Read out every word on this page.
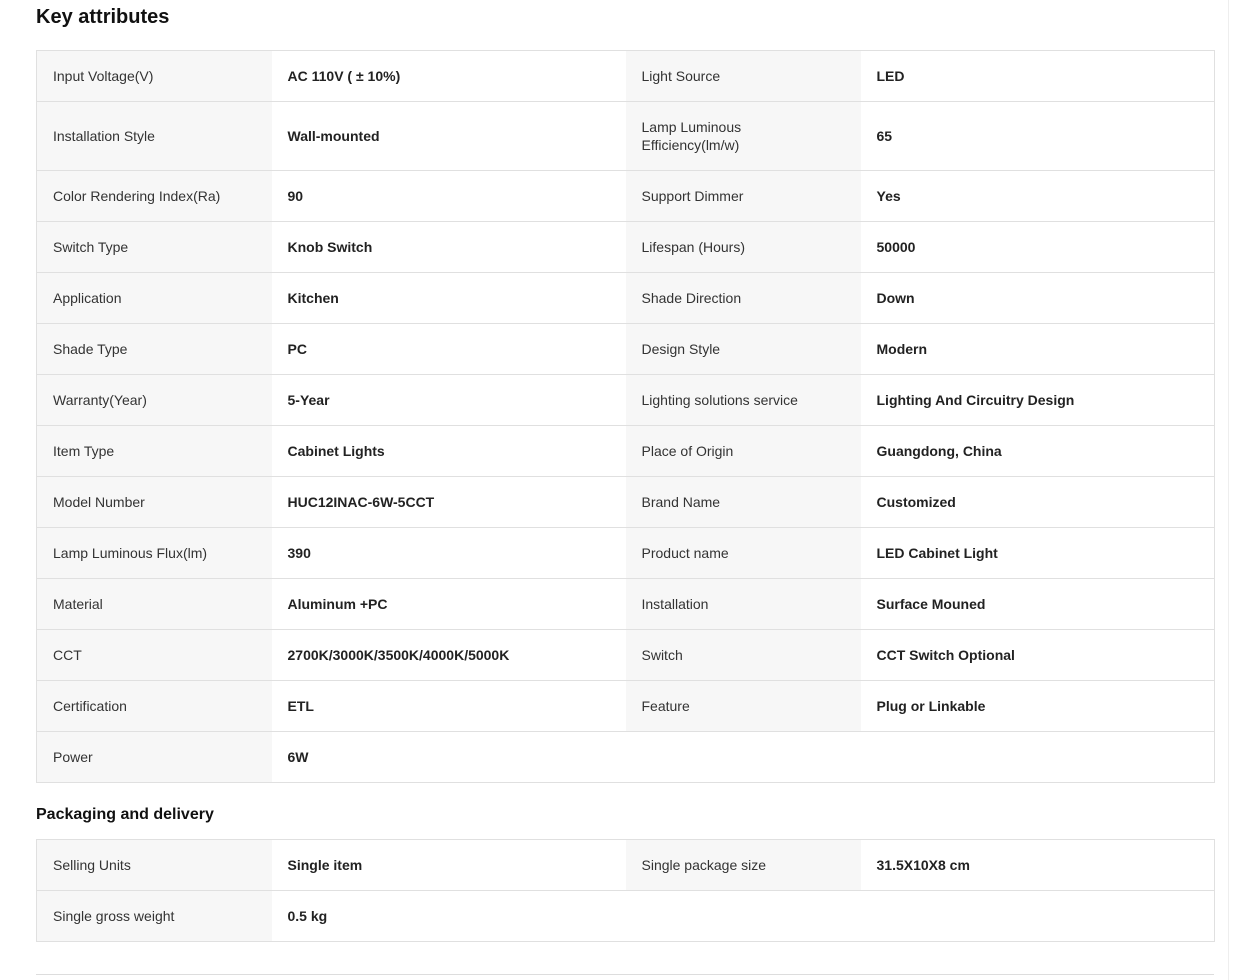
Key attributes
Input Voltage(V)	AC 110V ( ± 10%)	Light Source	LED
Installation Style	Wall-mounted	Lamp Luminous Efficiency(lm/w)	65
Color Rendering Index(Ra)	90	Support Dimmer	Yes
Switch Type	Knob Switch	Lifespan (Hours)	50000
Application	Kitchen	Shade Direction	Down
Shade Type	PC	Design Style	Modern
Warranty(Year)	5-Year	Lighting solutions service	Lighting And Circuitry Design
Item Type	Cabinet Lights	Place of Origin	Guangdong, China
Model Number	HUC12INAC-6W-5CCT	Brand Name	Customized
Lamp Luminous Flux(lm)	390	Product name	LED Cabinet Light
Material	Aluminum +PC	Installation	Surface Mouned
CCT	2700K/3000K/3500K/4000K/5000K	Switch	CCT Switch Optional
Certification	ETL	Feature	Plug or Linkable
Power	6W		
Packaging and delivery
Selling Units	Single item	Single package size	31.5X10X8 cm
Single gross weight	0.5 kg		
